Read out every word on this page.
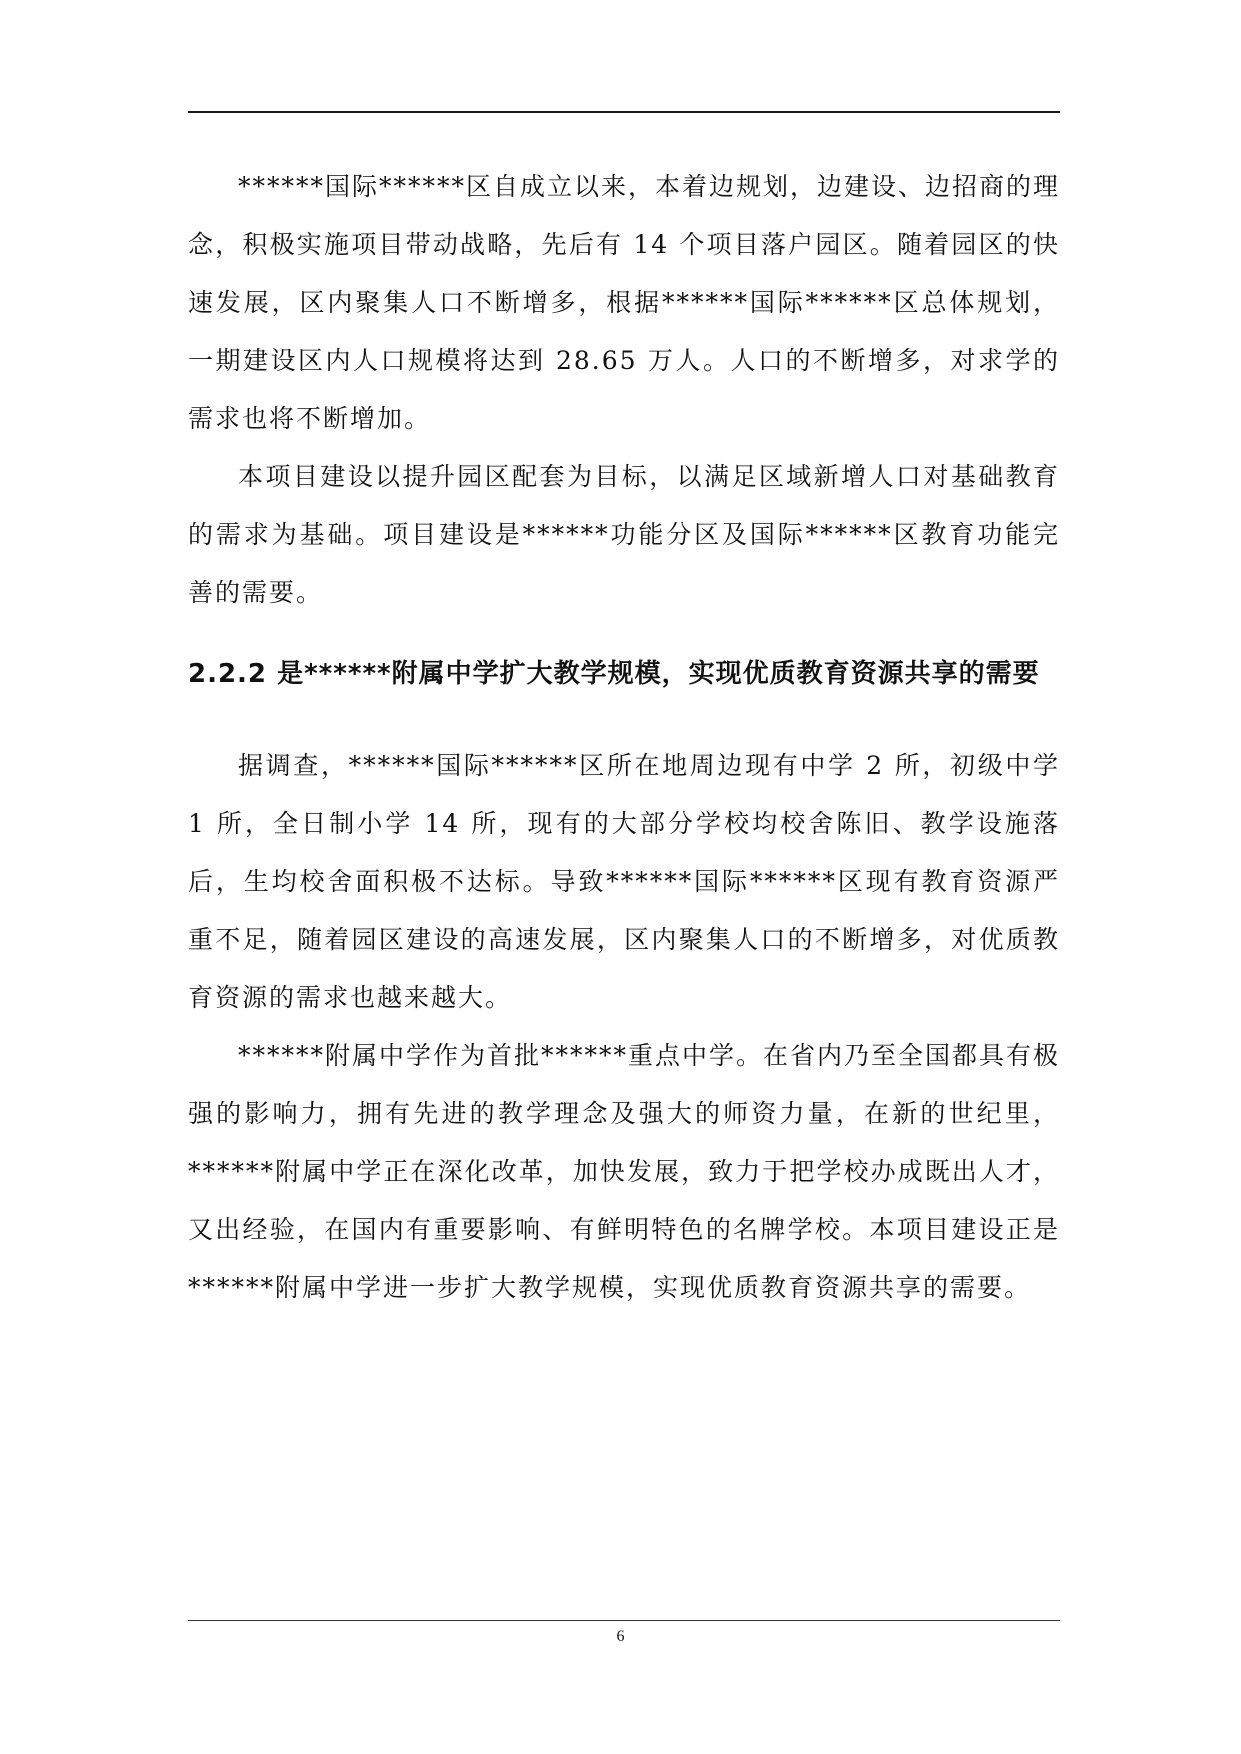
******国际******区自成立以来，本着边规划，边建设、边招商的理念，积极实施项目带动战略，先后有 14 个项目落户园区。随着园区的快速发展，区内聚集人口不断增多，根据******国际******区总体规划，一期建设区内人口规模将达到 28.65 万人。人口的不断增多，对求学的需求也将不断增加。

本项目建设以提升园区配套为目标，以满足区域新增人口对基础教育的需求为基础。项目建设是******功能分区及国际******区教育功能完善的需要。

2.2.2 是******附属中学扩大教学规模，实现优质教育资源共享的需要

据调查，******国际******区所在地周边现有中学 2 所，初级中学 1 所，全日制小学 14 所，现有的大部分学校均校舍陈旧、教学设施落后，生均校舍面积极不达标。导致******国际******区现有教育资源严重不足，随着园区建设的高速发展，区内聚集人口的不断增多，对优质教育资源的需求也越来越大。

******附属中学作为首批******重点中学。在省内乃至全国都具有极强的影响力，拥有先进的教学理念及强大的师资力量，在新的世纪里，******附属中学正在深化改革，加快发展，致力于把学校办成既出人才，又出经验，在国内有重要影响、有鲜明特色的名牌学校。本项目建设正是******附属中学进一步扩大教学规模，实现优质教育资源共享的需要。

6
